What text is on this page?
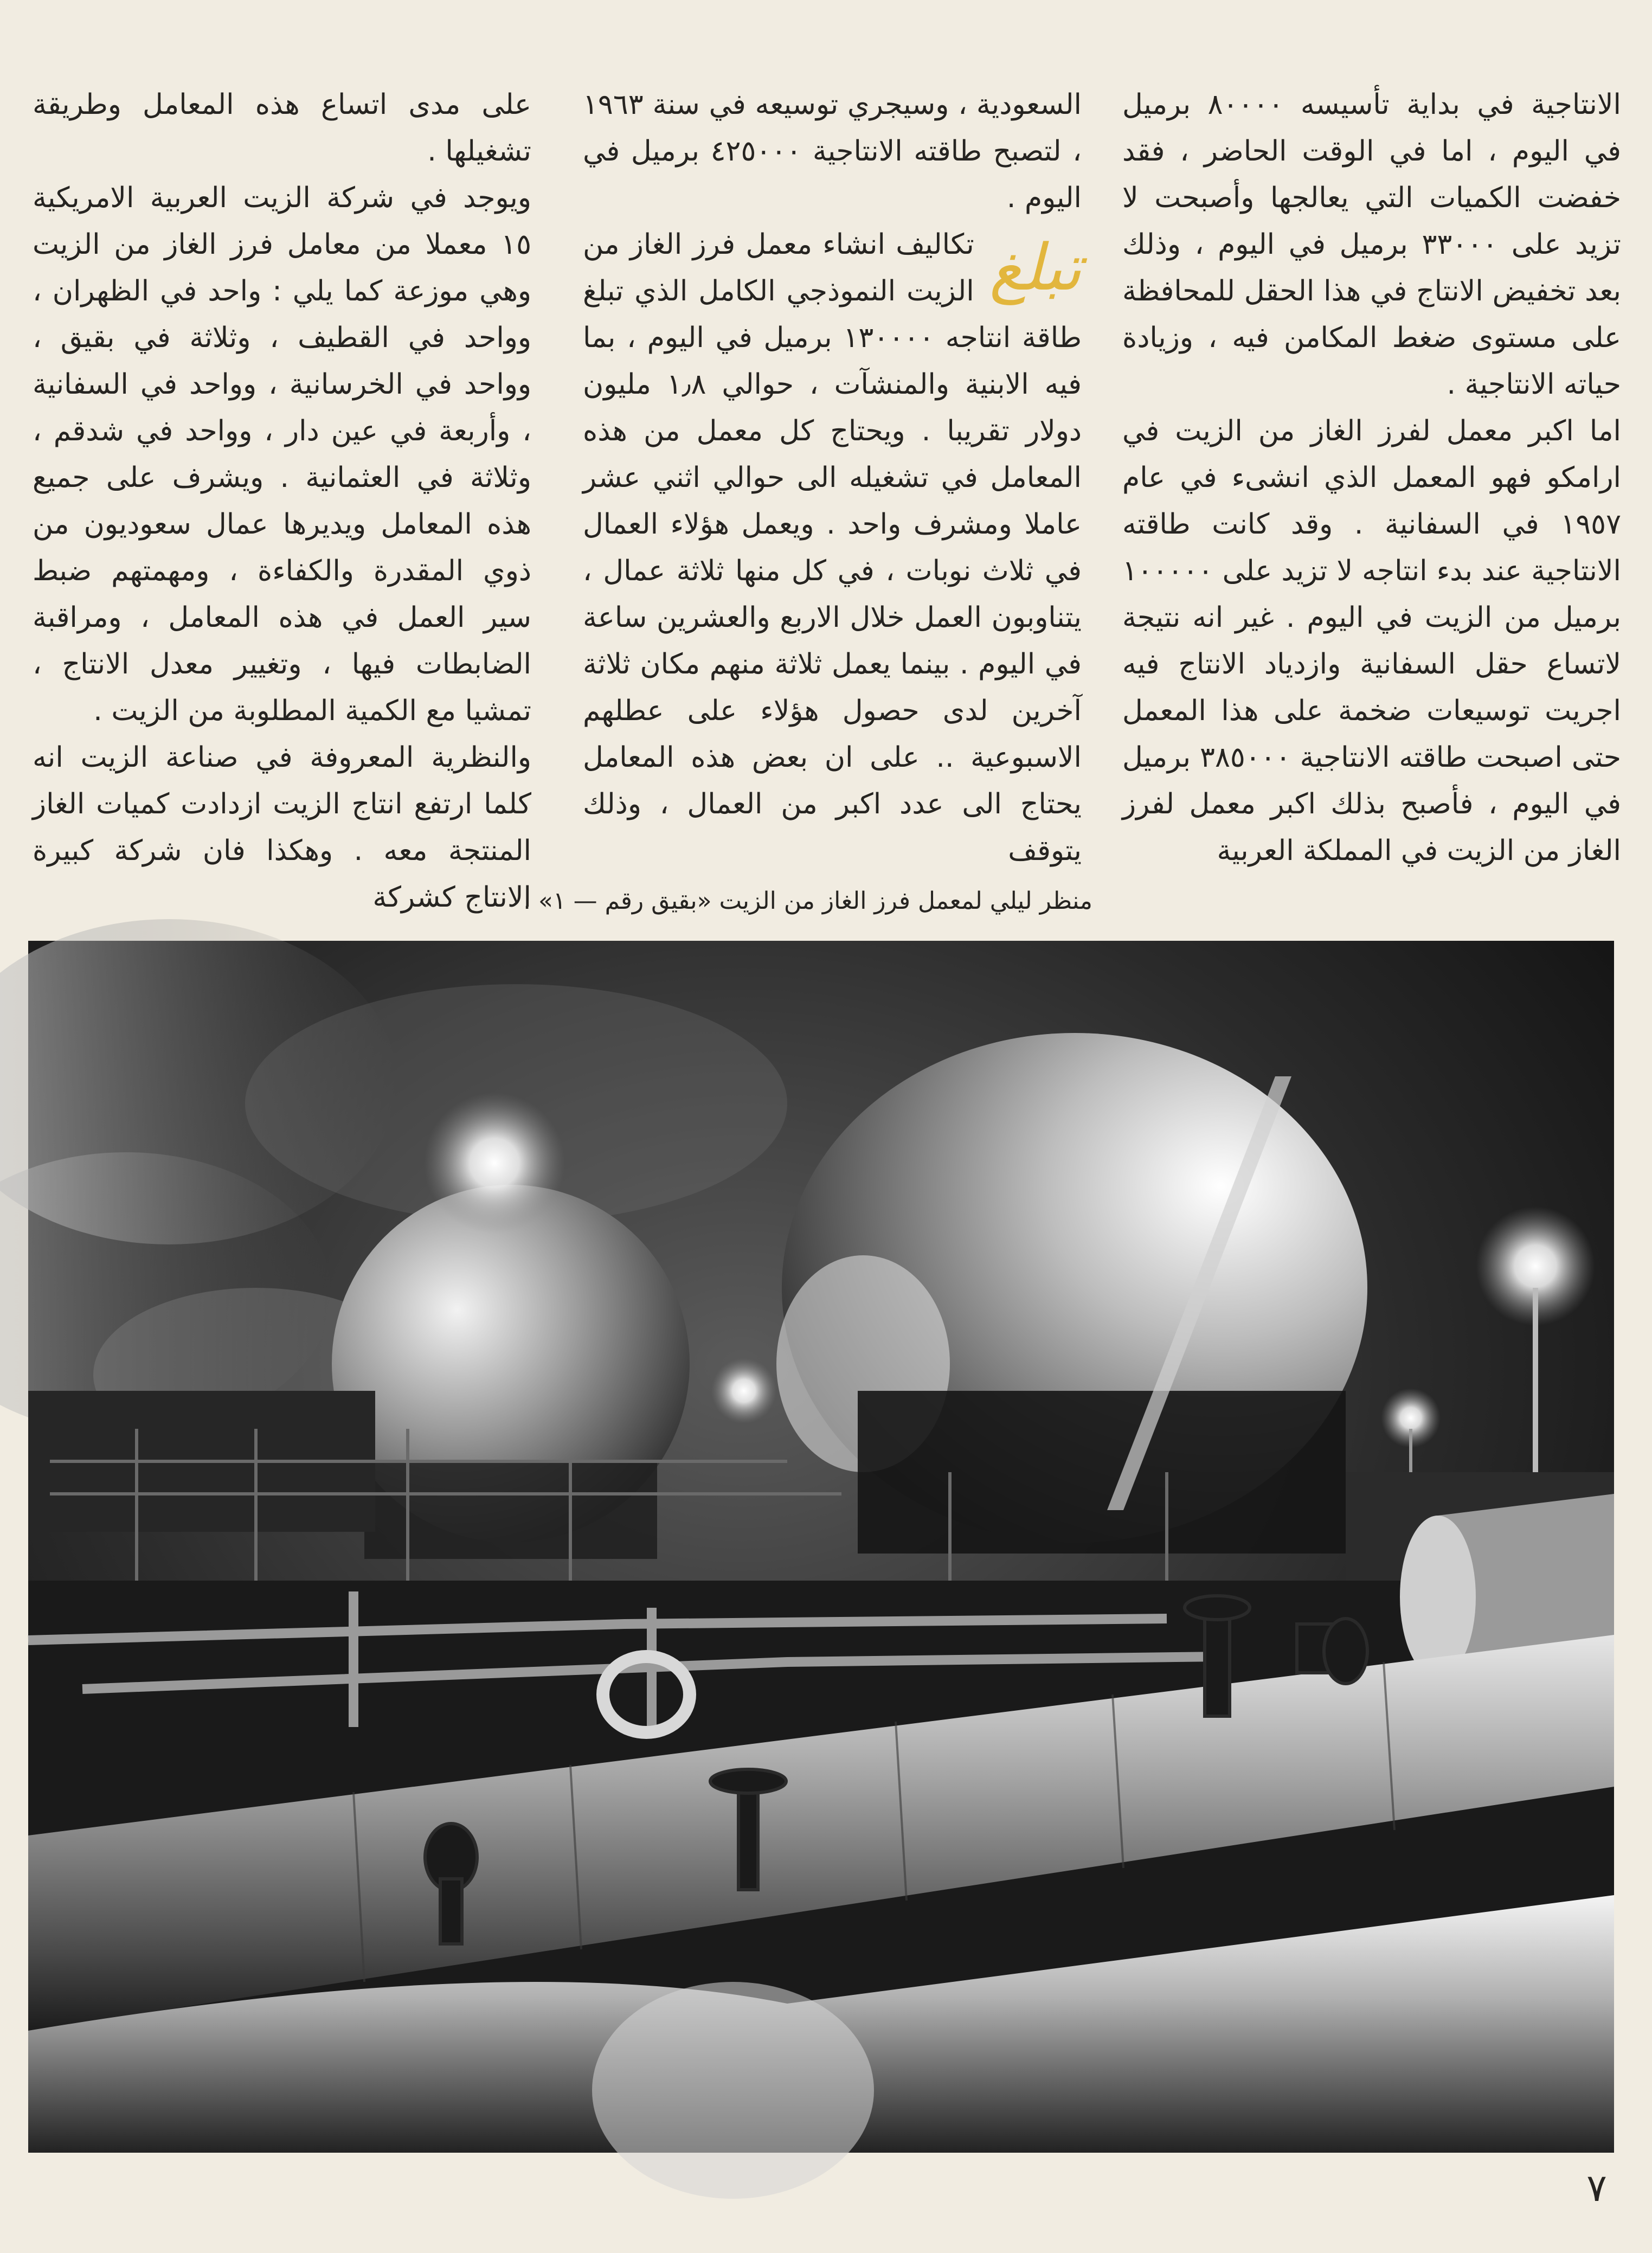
الانتاجية في بداية تأسيسه ٨٠٠٠٠ برميل في اليوم ، اما في الوقت الحاضر ، فقد خفضت الكميات التي يعالجها وأصبحت لا تزيد على ٣٣٠٠٠ برميل في اليوم ، وذلك بعد تخفيض الانتاج في هذا الحقل للمحافظة على مستوى ضغط المكامن فيه ، وزيادة حياته الانتاجية .

اما اكبر معمل لفرز الغاز من الزيت في ارامكو فهو المعمل الذي انشىء في عام ١٩٥٧ في السفانية . وقد كانت طاقته الانتاجية عند بدء انتاجه لا تزيد على ١٠٠٠٠٠ برميل من الزيت في اليوم . غير انه نتيجة لاتساع حقل السفانية وازدياد الانتاج فيه اجريت توسيعات ضخمة على هذا المعمل حتى اصبحت طاقته الانتاجية ٣٨٥٠٠٠ برميل في اليوم ، فأصبح بذلك اكبر معمل لفرز الغاز من الزيت في المملكة العربية

السعودية ، وسيجري توسيعه في سنة ١٩٦٣ ، لتصبح طاقته الانتاجية ٤٢٥٠٠٠ برميل في اليوم .

تبلغ

تكاليف انشاء معمل فرز الغاز من الزيت النموذجي الكامل الذي تبلغ طاقة انتاجه ١٣٠٠٠٠ برميل في اليوم ، بما فيه الابنية والمنشآت ، حوالي ١٫٨ مليون دولار تقريبا . ويحتاج كل معمل من هذه المعامل في تشغيله الى حوالي اثني عشر عاملا ومشرف واحد . ويعمل هؤلاء العمال في ثلاث نوبات ، في كل منها ثلاثة عمال ، يتناوبون العمل خلال الاربع والعشرين ساعة في اليوم . بينما يعمل ثلاثة منهم مكان ثلاثة آخرين لدى حصول هؤلاء على عطلهم الاسبوعية .. على ان بعض هذه المعامل يحتاج الى عدد اكبر من العمال ، وذلك يتوقف

على مدى اتساع هذه المعامل وطريقة تشغيلها .

ويوجد في شركة الزيت العربية الامريكية ١٥ معملا من معامل فرز الغاز من الزيت وهي موزعة كما يلي : واحد في الظهران ، وواحد في القطيف ، وثلاثة في بقيق ، وواحد في الخرسانية ، وواحد في السفانية ، وأربعة في عين دار ، وواحد في شدقم ، وثلاثة في العثمانية . ويشرف على جميع هذه المعامل ويديرها عمال سعوديون من ذوي المقدرة والكفاءة ، ومهمتهم ضبط سير العمل في هذه المعامل ، ومراقبة الضابطات فيها ، وتغيير معدل الانتاج ، تمشيا مع الكمية المطلوبة من الزيت .

والنظرية المعروفة في صناعة الزيت انه كلما ارتفع انتاج الزيت ازدادت كميات الغاز المنتجة معه . وهكذا فان شركة كبيرة الانتاج كشركة

منظر ليلي لمعمل فرز الغاز من الزيت «بقيق رقم — ١» .
٧
